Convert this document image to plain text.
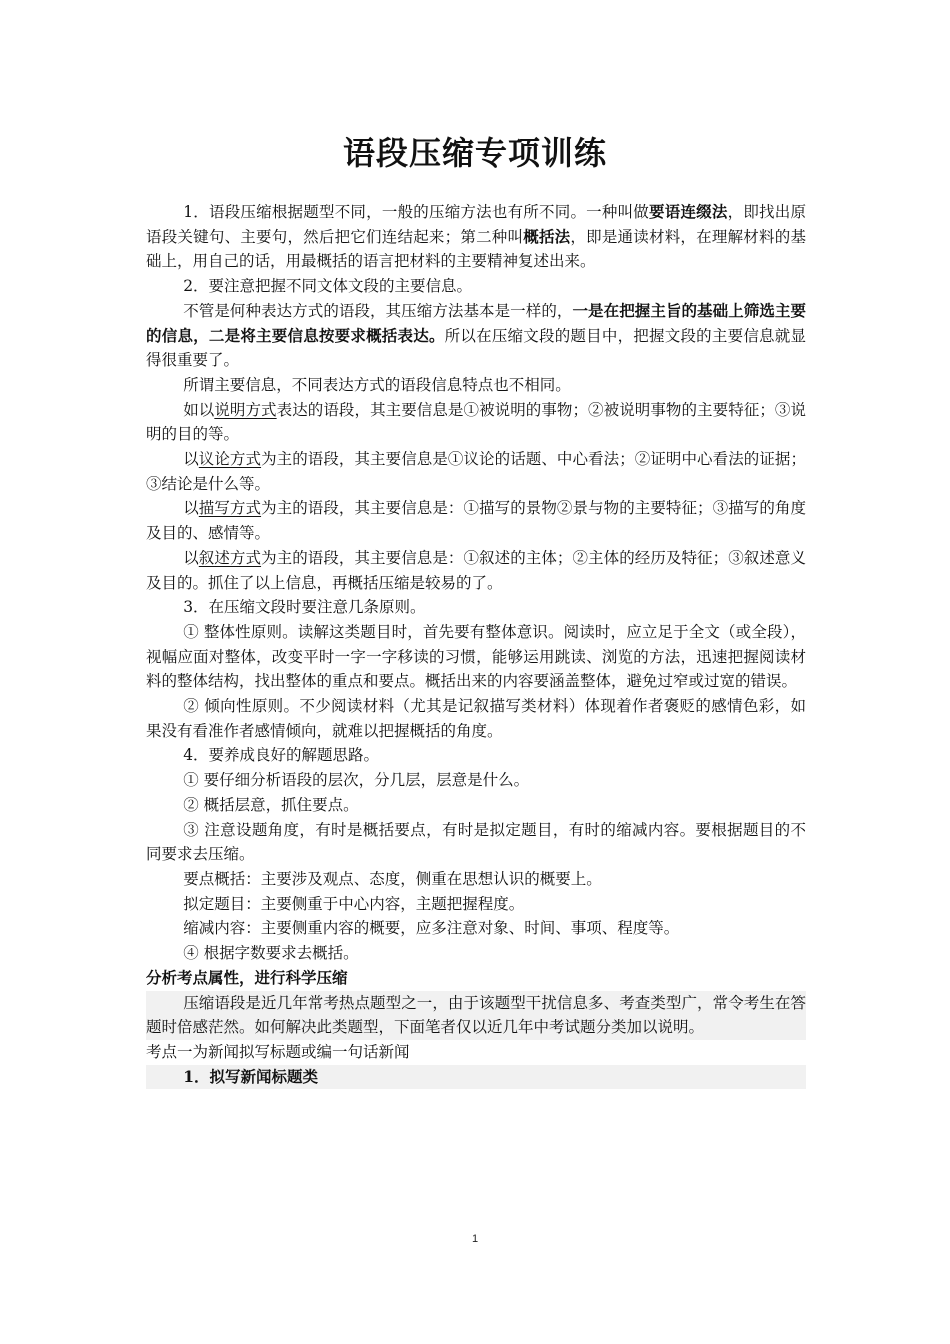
语段压缩专项训练

1．语段压缩根据题型不同，一般的压缩方法也有所不同。一种叫做要语连缀法，即找出原语段关键句、主要句，然后把它们连结起来；第二种叫概括法，即是通读材料，在理解材料的基础上，用自己的话，用最概括的语言把材料的主要精神复述出来。

2．要注意把握不同文体文段的主要信息。

不管是何种表达方式的语段，其压缩方法基本是一样的，一是在把握主旨的基础上筛选主要的信息，二是将主要信息按要求概括表达。所以在压缩文段的题目中，把握文段的主要信息就显得很重要了。

所谓主要信息，不同表达方式的语段信息特点也不相同。

如以说明方式表达的语段，其主要信息是①被说明的事物；②被说明事物的主要特征；③说明的目的等。

以议论方式为主的语段，其主要信息是①议论的话题、中心看法；②证明中心看法的证据；③结论是什么等。

以描写方式为主的语段，其主要信息是：①描写的景物②景与物的主要特征；③描写的角度及目的、感情等。

以叙述方式为主的语段，其主要信息是：①叙述的主体；②主体的经历及特征；③叙述意义及目的。抓住了以上信息，再概括压缩是较易的了。

3．在压缩文段时要注意几条原则。

① 整体性原则。读解这类题目时，首先要有整体意识。阅读时，应立足于全文（或全段），视幅应面对整体，改变平时一字一字移读的习惯，能够运用跳读、浏览的方法，迅速把握阅读材料的整体结构，找出整体的重点和要点。概括出来的内容要涵盖整体，避免过窄或过宽的错误。

② 倾向性原则。不少阅读材料（尤其是记叙描写类材料）体现着作者褒贬的感情色彩，如果没有看准作者感情倾向，就难以把握概括的角度。

4．要养成良好的解题思路。

① 要仔细分析语段的层次，分几层，层意是什么。

② 概括层意，抓住要点。

③ 注意设题角度，有时是概括要点，有时是拟定题目，有时的缩减内容。要根据题目的不同要求去压缩。

要点概括：主要涉及观点、态度，侧重在思想认识的概要上。

拟定题目：主要侧重于中心内容，主题把握程度。

缩减内容：主要侧重内容的概要，应多注意对象、时间、事项、程度等。

④ 根据字数要求去概括。

分析考点属性，进行科学压缩

压缩语段是近几年常考热点题型之一，由于该题型干扰信息多、考查类型广，常令考生在答题时倍感茫然。如何解决此类题型，下面笔者仅以近几年中考试题分类加以说明。

考点一为新闻拟写标题或编一句话新闻

1．拟写新闻标题类

1
